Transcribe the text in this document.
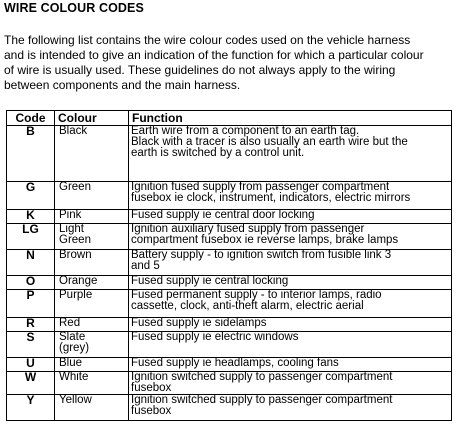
WIRE COLOUR CODES
The following list contains the wire colour codes used on the vehicle harness
and is intended to give an indication of the function for which a particular colour
of wire is usually used. These guidelines do not always apply to the wiring
between components and the main harness.
Code	Colour	Function
B	Black	Earth wire from a component to an earth tag.
Black with a tracer is also usually an earth wire but the
earth is switched by a control unit.

G	Green	Ignition fused supply from passenger compartment
fusebox ie clock, instrument, indicators, electric mirrors

K	Pink	Fused supply ie central door locking

LG	Light
Green	Ignition auxiliary fused supply from passenger
compartment fusebox ie reverse lamps, brake lamps

N	Brown	Battery supply - to ignition switch from fusible link 3
and 5

O	Orange	Fused supply ie central locking

P	Purple	Fused permanent supply - to interior lamps, radio
cassette, clock, anti-theft alarm, electric aerial

R	Red	Fused supply ie sidelamps

S	Slate
(grey)	Fused supply ie electric windows

U	Blue	Fused supply ie headlamps, cooling fans

W	White	Ignition switched supply to passenger compartment
fusebox

Y	Yellow	Ignition switched supply to passenger compartment
fusebox
